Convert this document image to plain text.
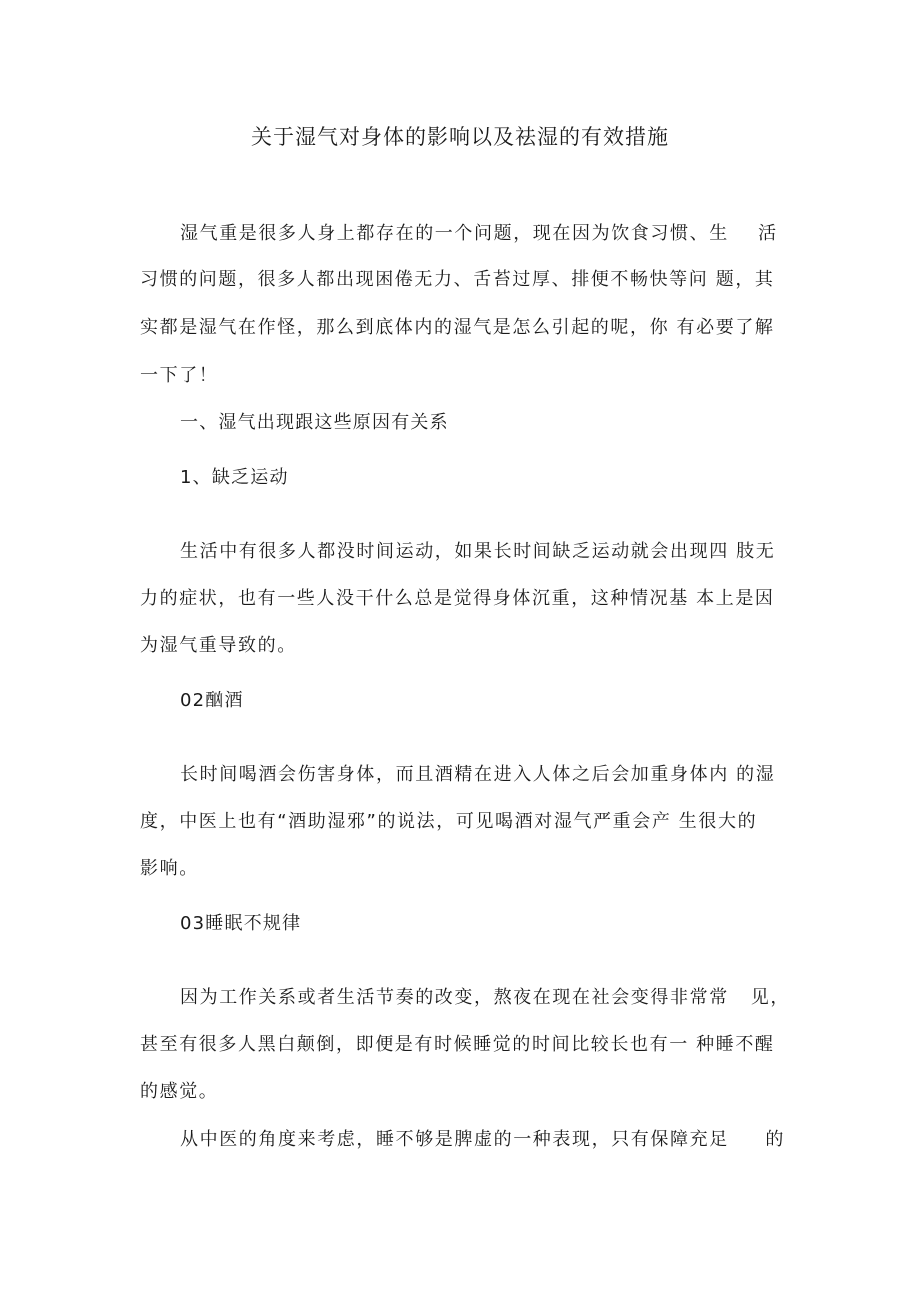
关于湿气对身体的影响以及祛湿的有效措施
湿气重是很多人身上都存在的一个问题，现在因为饮食习惯、生    活
习惯的问题，很多人都出现困倦无力、舌苔过厚、排便不畅快等问 题，其
实都是湿气在作怪，那么到底体内的湿气是怎么引起的呢，你 有必要了解
一下了！
一、湿气出现跟这些原因有关系
1、缺乏运动
生活中有很多人都没时间运动，如果长时间缺乏运动就会出现四 肢无
力的症状，也有一些人没干什么总是觉得身体沉重，这种情况基 本上是因
为湿气重导致的。
02酗酒
长时间喝酒会伤害身体，而且酒精在进入人体之后会加重身体内 的湿
度，中医上也有“酒助湿邪”的说法，可见喝酒对湿气严重会产 生很大的
影响。
03睡眠不规律
因为工作关系或者生活节奏的改变，熬夜在现在社会变得非常常   见，
甚至有很多人黑白颠倒，即便是有时候睡觉的时间比较长也有一 种睡不醒
的感觉。
从中医的角度来考虑，睡不够是脾虚的一种表现，只有保障充足     的
